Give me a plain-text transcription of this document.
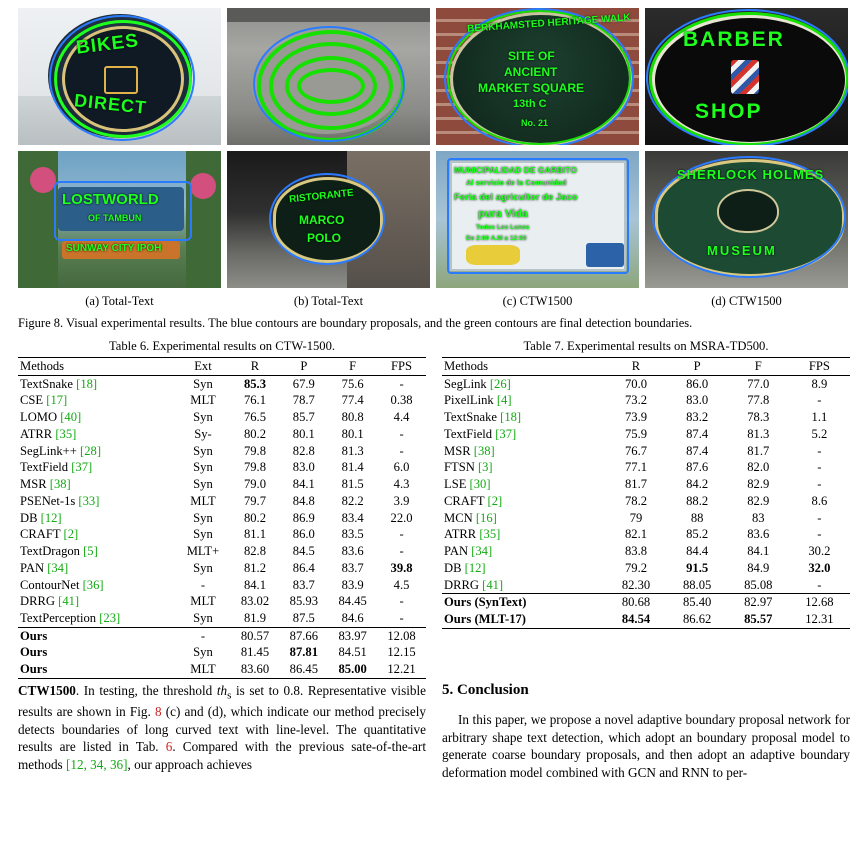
BIKES
DIRECT
BERKHAMSTED HERITAGE WALK
SITE OF
ANCIENT
MARKET SQUARE
13th C
No. 21
BARBER
SHOP
LOSTWORLD
OF TAMBUN
SUNWAY CITY IPOH
RISTORANTE
MARCO
POLO
MUNICIPALIDAD DE GARBITO
Al servicio de la Comunidad
Feria del agricultor de Jaco
pura Vida
Todos Los Lunes
De 2:00 A.M a 12:00
SHERLOCK HOLMES
MUSEUM
(a) Total-Text	(b) Total-Text	(c) CTW1500	(d) CTW1500
Figure 8. Visual experimental results. The blue contours are boundary proposals, and the green contours are final detection boundaries.
Table 6. Experimental results on CTW-1500.
Methods	Ext	R	P	F	FPS
TextSnake [18]	Syn	85.3	67.9	75.6	-
CSE [17]	MLT	76.1	78.7	77.4	0.38
LOMO [40]	Syn	76.5	85.7	80.8	4.4
ATRR [35]	Sy-	80.2	80.1	80.1	-
SegLink++ [28]	Syn	79.8	82.8	81.3	-
TextField [37]	Syn	79.8	83.0	81.4	6.0
MSR [38]	Syn	79.0	84.1	81.5	4.3
PSENet-1s [33]	MLT	79.7	84.8	82.2	3.9
DB [12]	Syn	80.2	86.9	83.4	22.0
CRAFT [2]	Syn	81.1	86.0	83.5	-
TextDragon [5]	MLT+	82.8	84.5	83.6	-
PAN [34]	Syn	81.2	86.4	83.7	39.8
ContourNet [36]	-	84.1	83.7	83.9	4.5
DRRG [41]	MLT	83.02	85.93	84.45	-
TextPerception [23]	Syn	81.9	87.5	84.6	-
Ours	-	80.57	87.66	83.97	12.08
Ours	Syn	81.45	87.81	84.51	12.15
Ours	MLT	83.60	86.45	85.00	12.21
Table 7. Experimental results on MSRA-TD500.
Methods	R	P	F	FPS
SegLink [26]	70.0	86.0	77.0	8.9
PixelLink [4]	73.2	83.0	77.8	-
TextSnake [18]	73.9	83.2	78.3	1.1
TextField [37]	75.9	87.4	81.3	5.2
MSR [38]	76.7	87.4	81.7	-
FTSN [3]	77.1	87.6	82.0	-
LSE [30]	81.7	84.2	82.9	-
CRAFT [2]	78.2	88.2	82.9	8.6
MCN [16]	79	88	83	-
ATRR [35]	82.1	85.2	83.6	-
PAN [34]	83.8	84.4	84.1	30.2
DB [12]	79.2	91.5	84.9	32.0
DRRG [41]	82.30	88.05	85.08	-
Ours (SynText)	80.68	85.40	82.97	12.68
Ours (MLT-17)	84.54	86.62	85.57	12.31

CTW1500. In testing, the threshold $th_s$ is set to 0.8. Representative visible results are shown in Fig. 8 (c) and (d), which indicate our method precisely detects boundaries of long curved text with line-level. The quantitative results are listed in Tab. 6. Compared with the previous sate-of-the-art methods [12, 34, 36], our approach achieves

5. Conclusion

In this paper, we propose a novel adaptive boundary proposal network for arbitrary shape text detection, which adopt an boundary proposal model to generate coarse boundary proposals, and then adopt an adaptive boundary deformation model combined with GCN and RNN to per-
